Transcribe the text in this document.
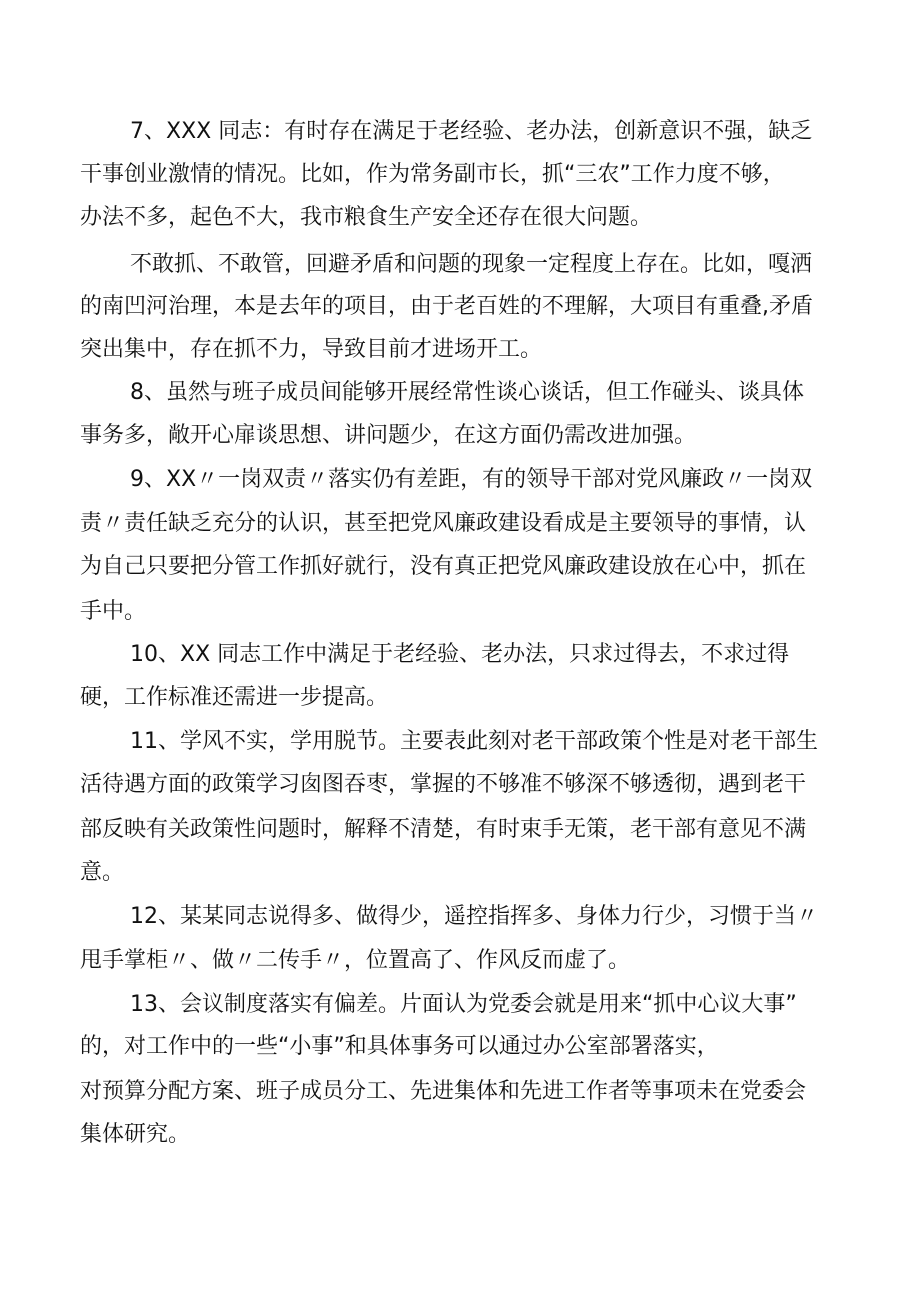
7、XXX 同志：有时存在满足于老经验、老办法，创新意识不强，缺乏
干事创业激情的情况。比如，作为常务副市长，抓“三农”工作力度不够，
办法不多，起色不大，我市粮食生产安全还存在很大问题。
不敢抓、不敢管，回避矛盾和问题的现象一定程度上存在。比如，嘎洒
的南凹河治理，本是去年的项目，由于老百姓的不理解，大项目有重叠,矛盾
突出集中，存在抓不力，导致目前才进场开工。
8、虽然与班子成员间能够开展经常性谈心谈话，但工作碰头、谈具体
事务多，敞开心扉谈思想、讲问题少，在这方面仍需改进加强。
9、XX〃一岗双责〃落实仍有差距，有的领导干部对党风廉政〃一岗双
责〃责任缺乏充分的认识，甚至把党风廉政建设看成是主要领导的事情，认
为自己只要把分管工作抓好就行，没有真正把党风廉政建设放在心中，抓在
手中。
10、XX 同志工作中满足于老经验、老办法，只求过得去，不求过得
硬，工作标准还需进一步提高。
11、学风不实，学用脱节。主要表此刻对老干部政策个性是对老干部生
活待遇方面的政策学习囱图吞枣，掌握的不够准不够深不够透彻，遇到老干
部反映有关政策性问题时，解释不清楚，有时束手无策，老干部有意见不满
意。
12、某某同志说得多、做得少，遥控指挥多、身体力行少，习惯于当〃
甩手掌柜〃、做〃二传手〃，位置高了、作风反而虚了。
13、会议制度落实有偏差。片面认为党委会就是用来“抓中心议大事”
的，对工作中的一些“小事”和具体事务可以通过办公室部署落实，
对预算分配方案、班子成员分工、先进集体和先进工作者等事项未在党委会
集体研究。
